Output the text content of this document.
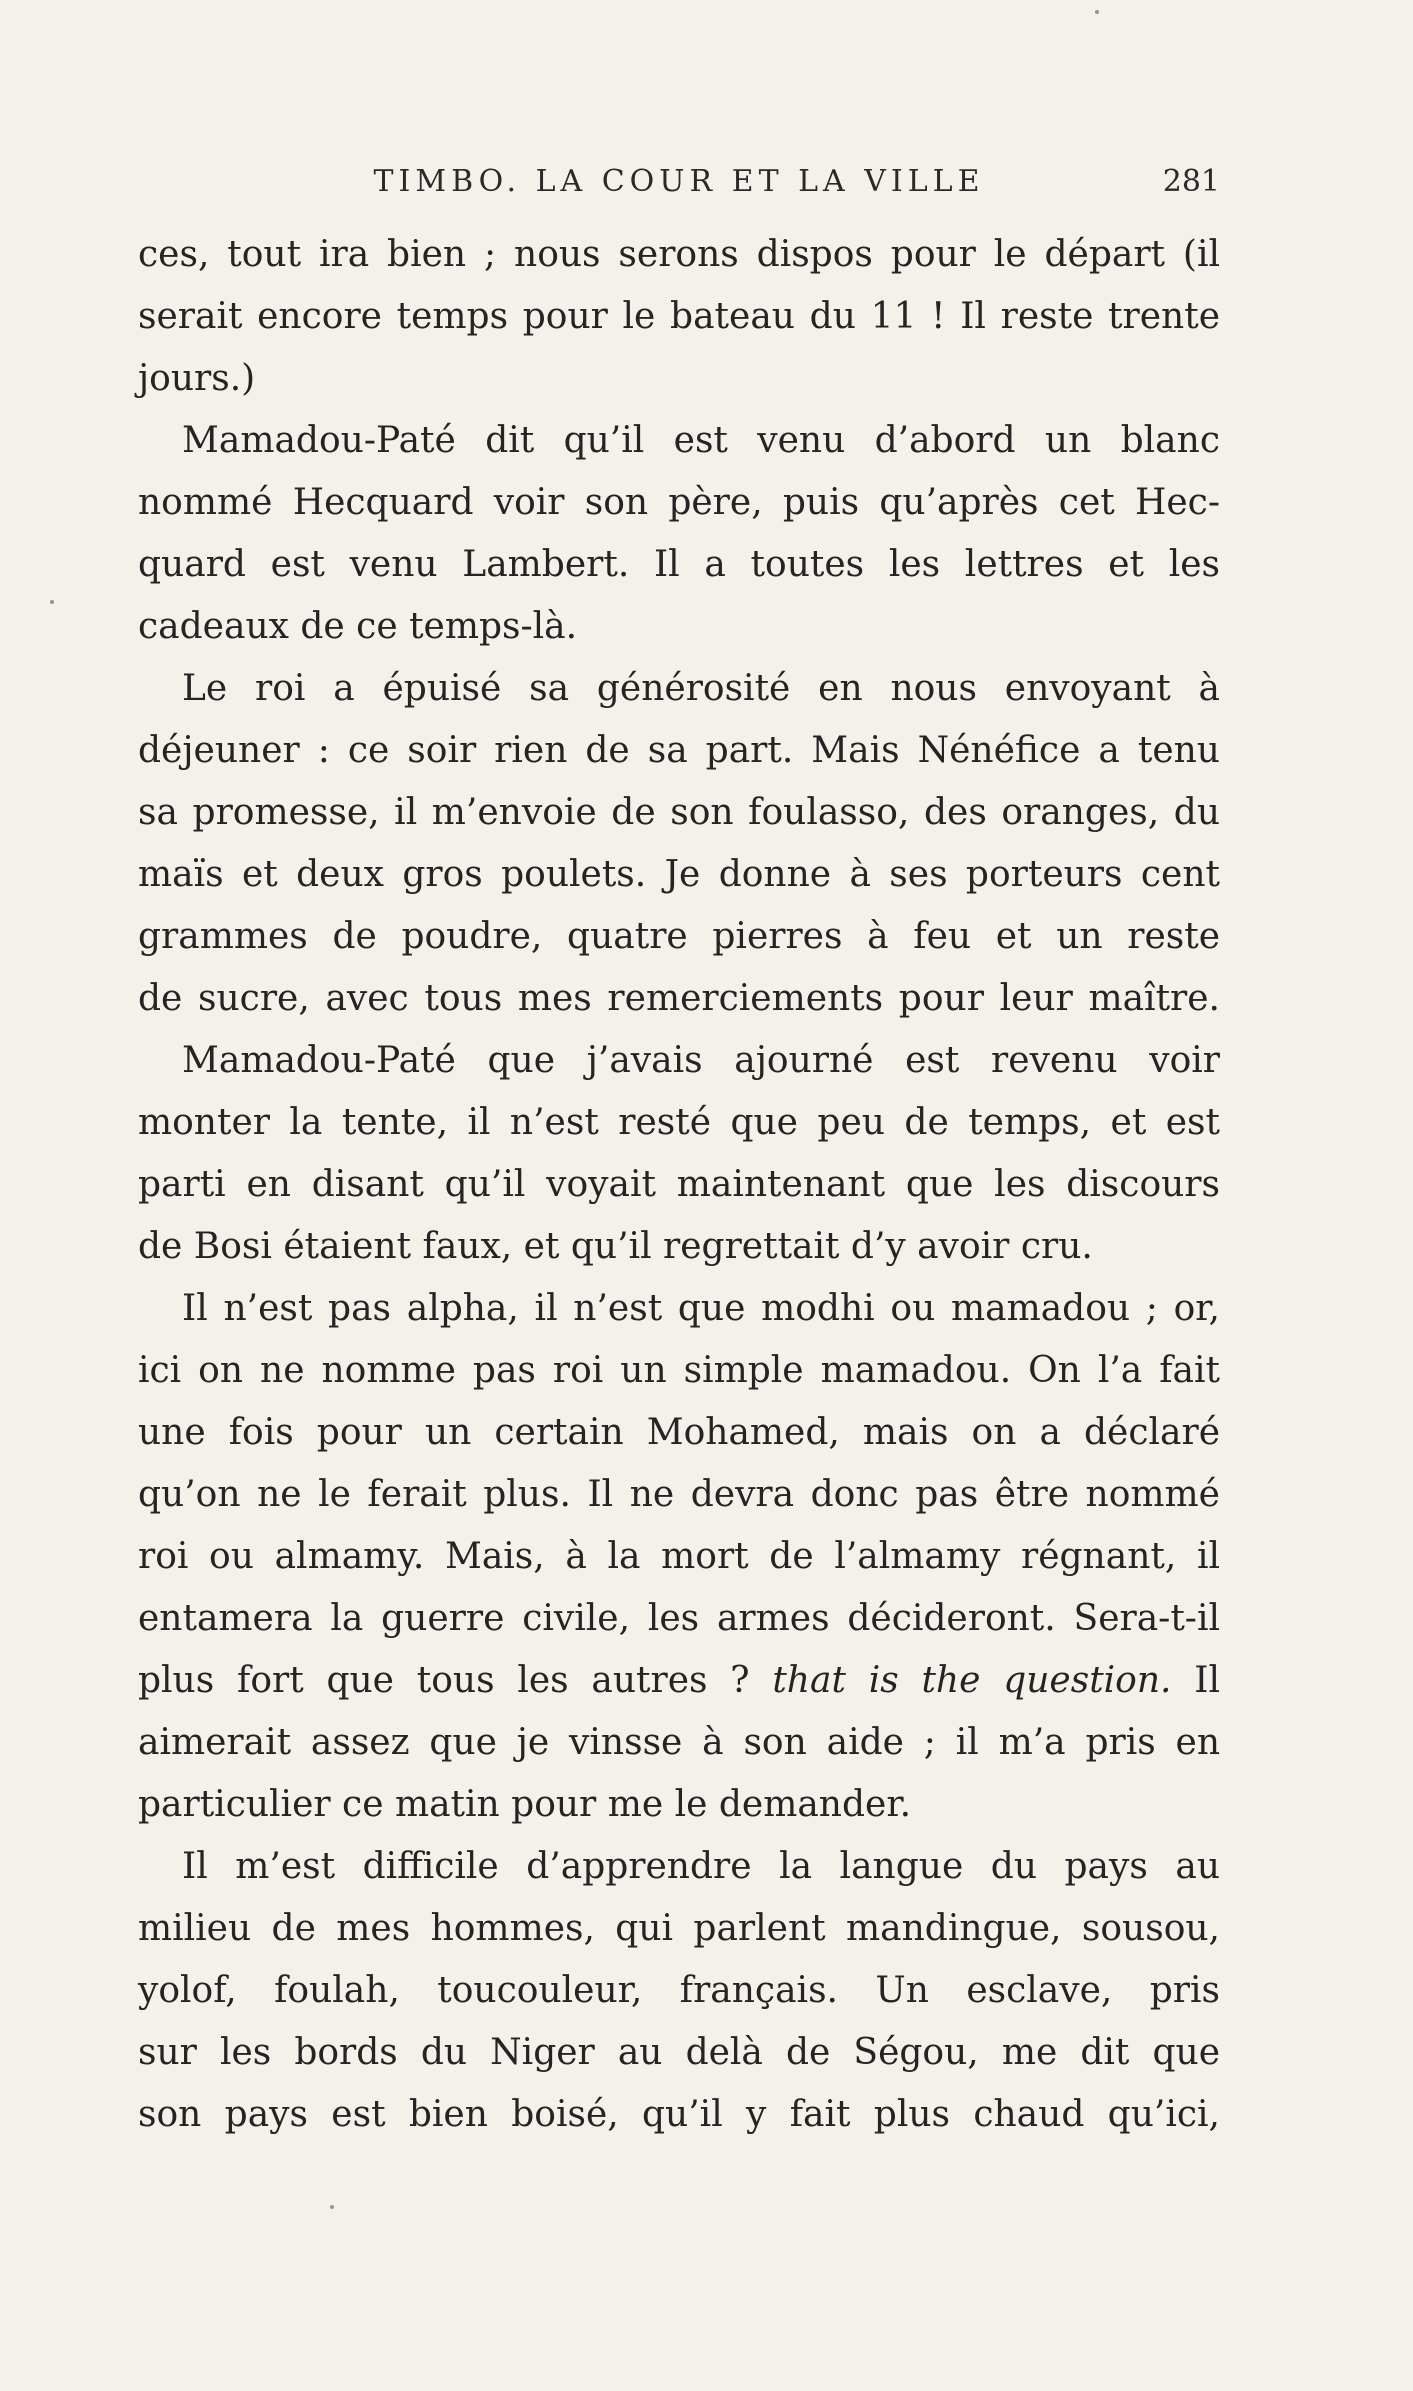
TIMBO. LA COUR ET LA VILLE	281
ces, tout ira bien ; nous serons dispos pour le départ (il
serait encore temps pour le bateau du 11 ! Il reste trente
jours.)
Mamadou-Paté dit qu’il est venu d’abord un blanc
nommé Hecquard voir son père, puis qu’après cet Hec-
quard est venu Lambert. Il a toutes les lettres et les
cadeaux de ce temps-là.
Le roi a épuisé sa générosité en nous envoyant à
déjeuner : ce soir rien de sa part. Mais Nénéfice a tenu
sa promesse, il m’envoie de son foulasso, des oranges, du
maïs et deux gros poulets. Je donne à ses porteurs cent
grammes de poudre, quatre pierres à feu et un reste
de sucre, avec tous mes remerciements pour leur maître.
Mamadou-Paté que j’avais ajourné est revenu voir
monter la tente, il n’est resté que peu de temps, et est
parti en disant qu’il voyait maintenant que les discours
de Bosi étaient faux, et qu’il regrettait d’y avoir cru.
Il n’est pas alpha, il n’est que modhi ou mamadou ; or,
ici on ne nomme pas roi un simple mamadou. On l’a fait
une fois pour un certain Mohamed, mais on a déclaré
qu’on ne le ferait plus. Il ne devra donc pas être nommé
roi ou almamy. Mais, à la mort de l’almamy régnant, il
entamera la guerre civile, les armes décideront. Sera-t-il
plus fort que tous les autres ? that is the question. Il
aimerait assez que je vinsse à son aide ; il m’a pris en
particulier ce matin pour me le demander.
Il m’est difficile d’apprendre la langue du pays au
milieu de mes hommes, qui parlent mandingue, sousou,
yolof, foulah, toucouleur, français. Un esclave, pris
sur les bords du Niger au delà de Ségou, me dit que
son pays est bien boisé, qu’il y fait plus chaud qu’ici,
